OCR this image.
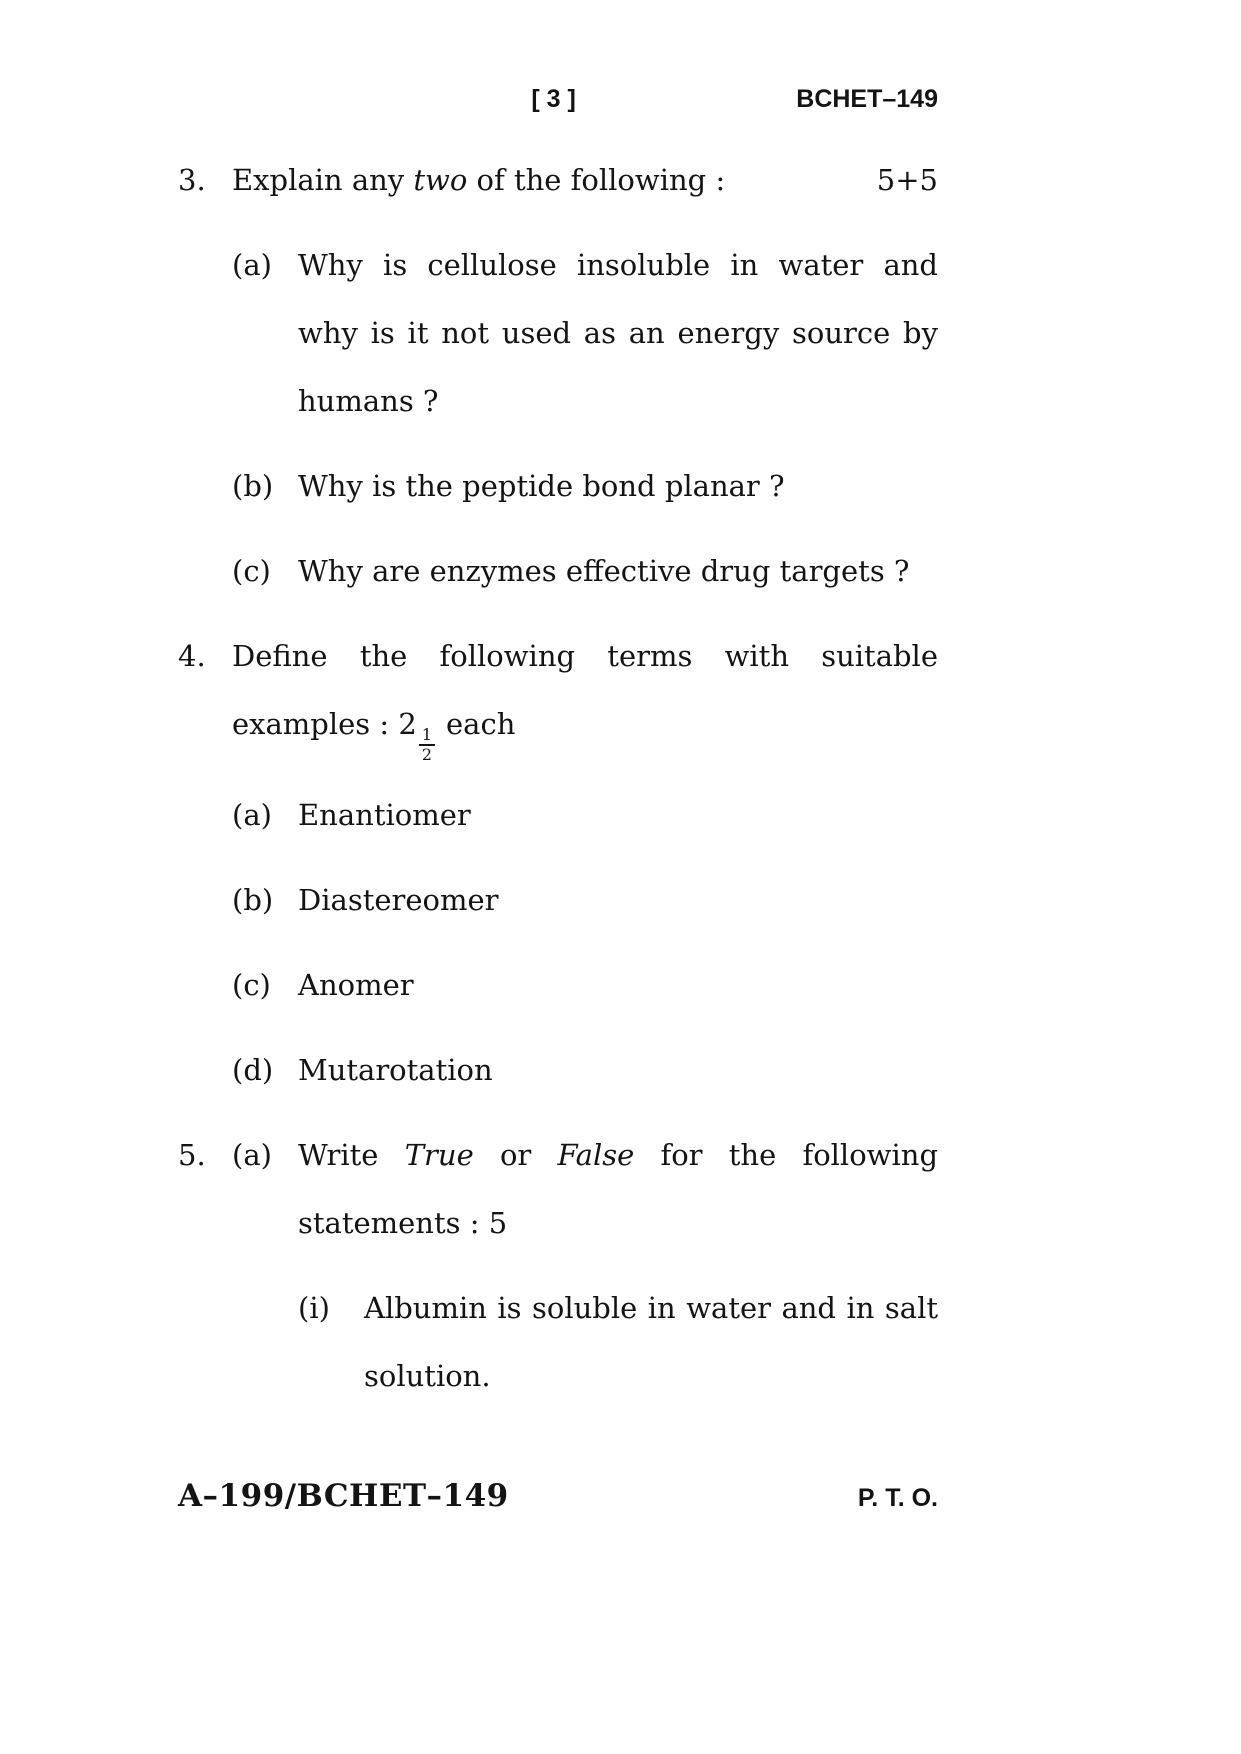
[ 3 ]	BCHET–149
3. Explain any two of the following :	5+5
(a) Why is cellulose insoluble in water and
why is it not used as an energy source by
humans ?
(b) Why is the peptide bond planar ?
(c) Why are enzymes effective drug targets ?
4. Define the following terms with suitable
examples : 2
$\frac{1}{2}$
each
(a) Enantiomer
(b) Diastereomer
(c) Anomer
(d) Mutarotation
5. (a) Write True or False for the following
statements : 5
(i)	Albumin is soluble in water and in salt
solution.
A–199/BCHET–149	P. T. O.
